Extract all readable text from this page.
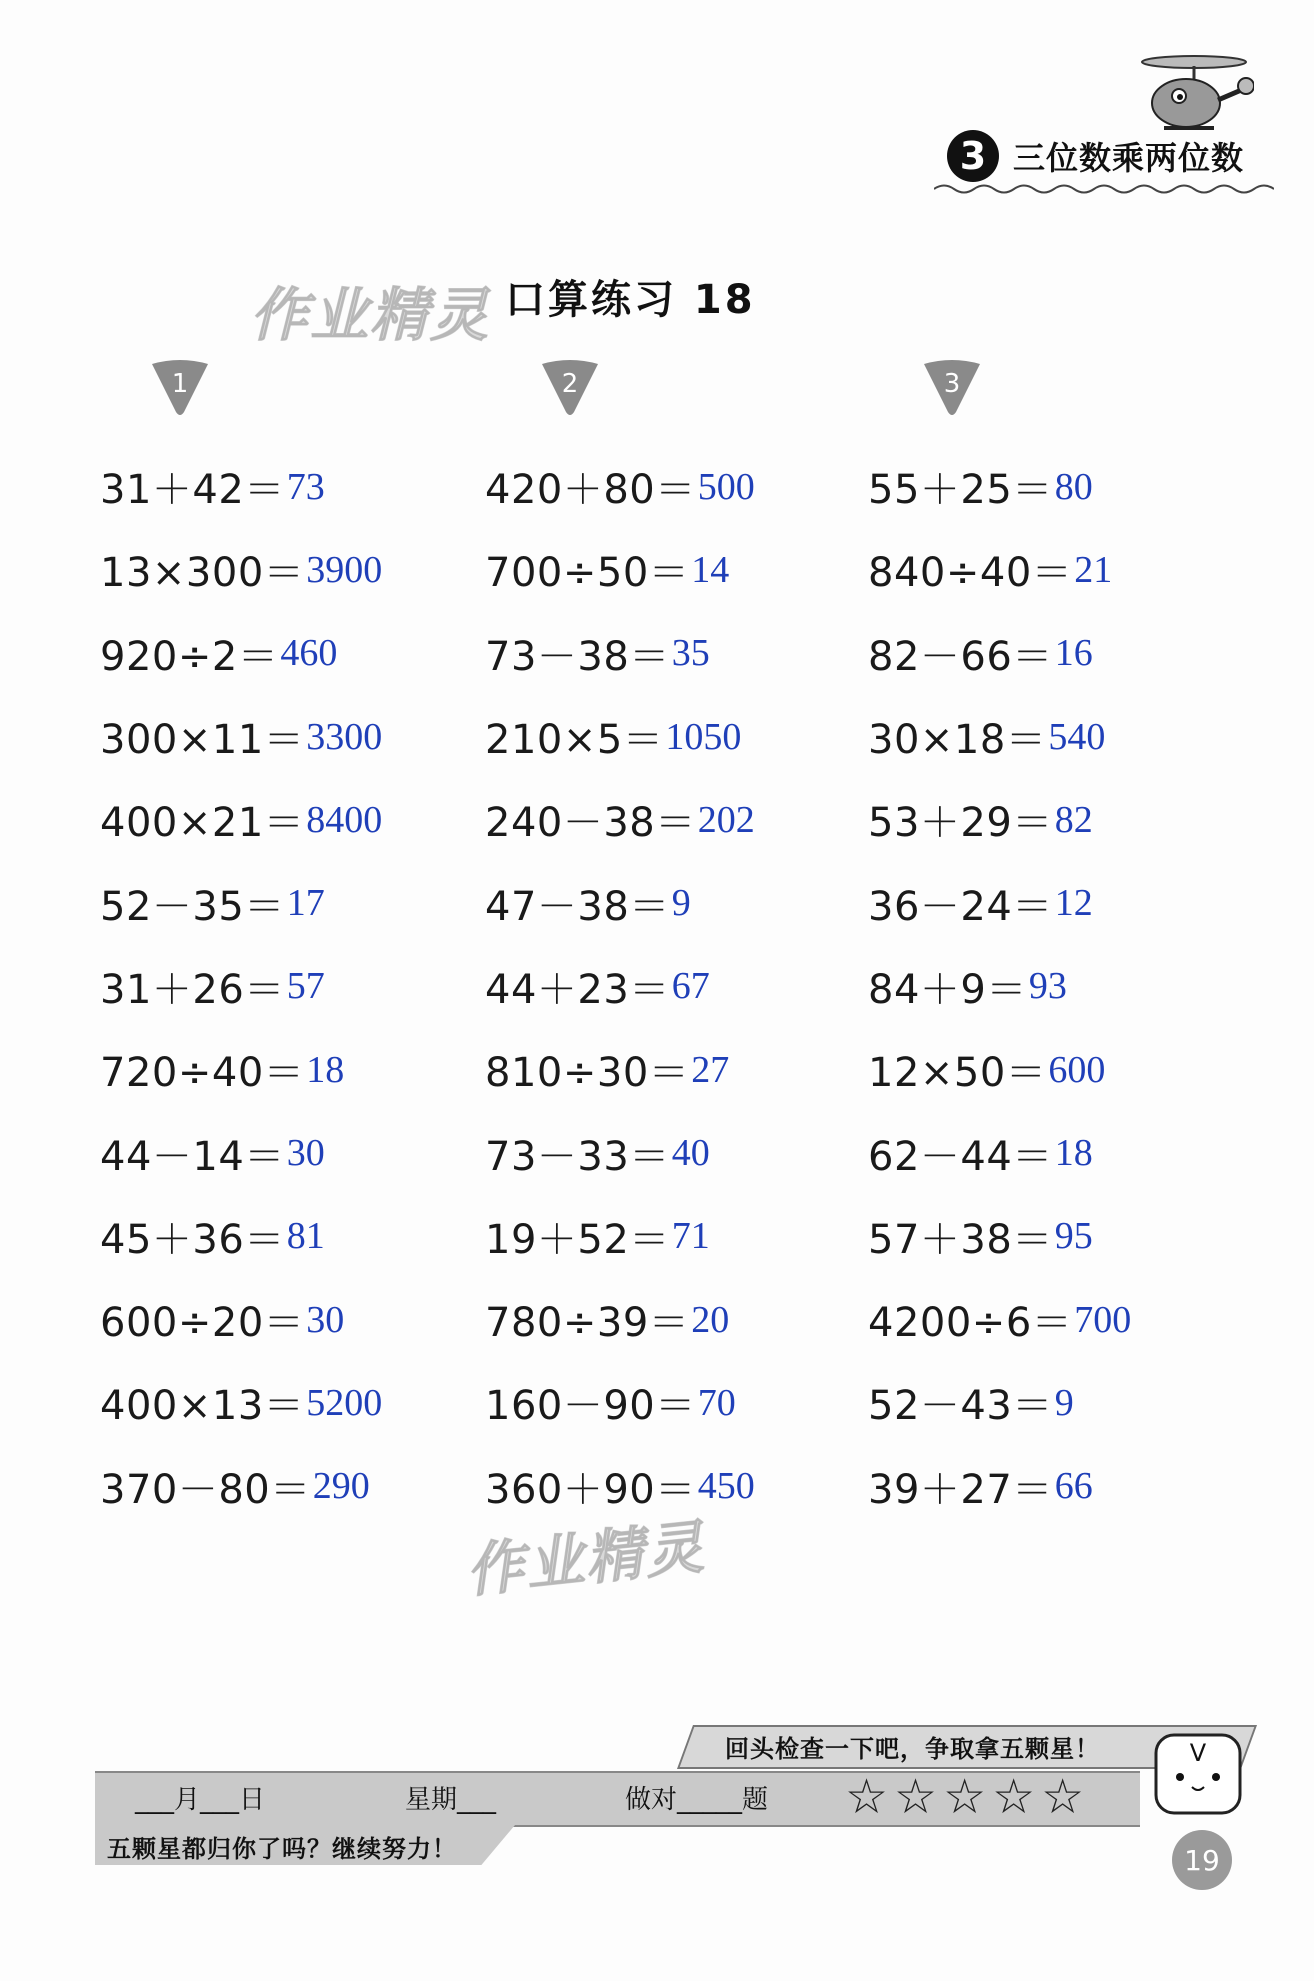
3 三位数乘两位数
作业精灵 口算练习 18
1	2	3
31＋42＝ 73
13×300＝ 3900
920÷2＝ 460
300×11＝ 3300
400×21＝ 8400
52－35＝ 17
31＋26＝ 57
720÷40＝ 18
44－14＝ 30
45＋36＝ 81
600÷20＝ 30
400×13＝ 5200
370－80＝ 290
420＋80＝ 500
700÷50＝ 14
73－38＝ 35
210×5＝ 1050
240－38＝ 202
47－38＝ 9
44＋23＝ 67
810÷30＝ 27
73－33＝ 40
19＋52＝ 71
780÷39＝ 20
160－90＝ 70
360＋90＝ 450
55＋25＝ 80
840÷40＝ 21
82－66＝ 16
30×18＝ 540
53＋29＝ 82
36－24＝ 12
84＋9＝ 93
12×50＝ 600
62－44＝ 18
57＋38＝ 95
4200÷6＝ 700
52－43＝ 9
39＋27＝ 66
作业精灵
回头检查一下吧，争取拿五颗星！
___月___日	星期___	做对_____题 ☆ ☆ ☆ ☆ ☆
五颗星都归你了吗？继续努力！
V
19
